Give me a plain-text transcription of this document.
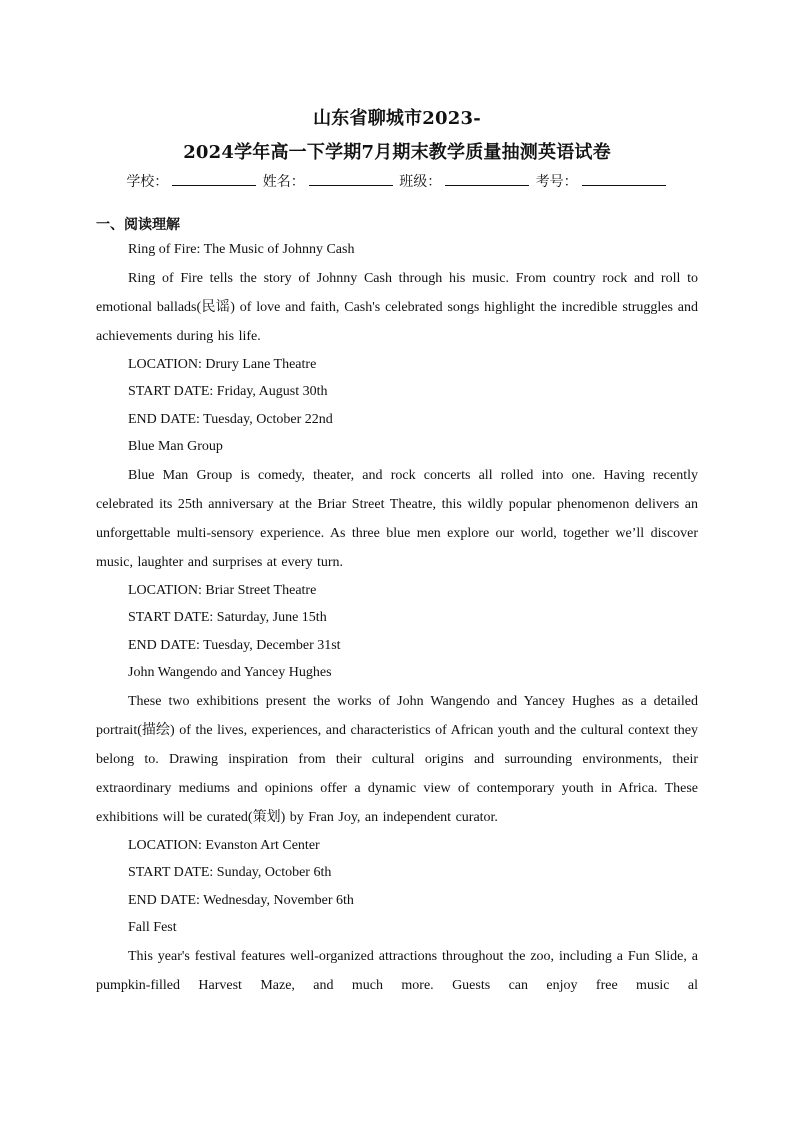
山东省聊城市2023-
2024学年高一下学期7月期末教学质量抽测英语试卷
学校：	姓名：	班级：	考号：
一、阅读理解

Ring of Fire: The Music of Johnny Cash

Ring of Fire tells the story of Johnny Cash through his music. From country rock and roll to emotional ballads(民谣) of love and faith, Cash's celebrated songs highlight the incredible struggles and achievements during his life.

LOCATION: Drury Lane Theatre

START DATE: Friday, August 30th

END DATE: Tuesday, October 22nd

Blue Man Group

Blue Man Group is comedy, theater, and rock concerts all rolled into one. Having recently celebrated its 25th anniversary at the Briar Street Theatre, this wildly popular phenomenon delivers an unforgettable multi-sensory experience. As three blue men explore our world, together we’ll discover music, laughter and surprises at every turn.

LOCATION: Briar Street Theatre

START DATE: Saturday, June 15th

END DATE: Tuesday, December 31st

John Wangendo and Yancey Hughes

These two exhibitions present the works of John Wangendo and Yancey Hughes as a detailed portrait(描绘) of the lives, experiences, and characteristics of African youth and the cultural context they belong to. Drawing inspiration from their cultural origins and surrounding environments, their extraordinary mediums and opinions offer a dynamic view of contemporary youth in Africa. These exhibitions will be curated(策划) by Fran Joy, an independent curator.

LOCATION: Evanston Art Center

START DATE: Sunday, October 6th

END DATE: Wednesday, November 6th

Fall Fest

This year's festival features well-organized attractions throughout the zoo, including a Fun Slide, a pumpkin-filled Harvest Maze, and much more. Guests can enjoy free music al
